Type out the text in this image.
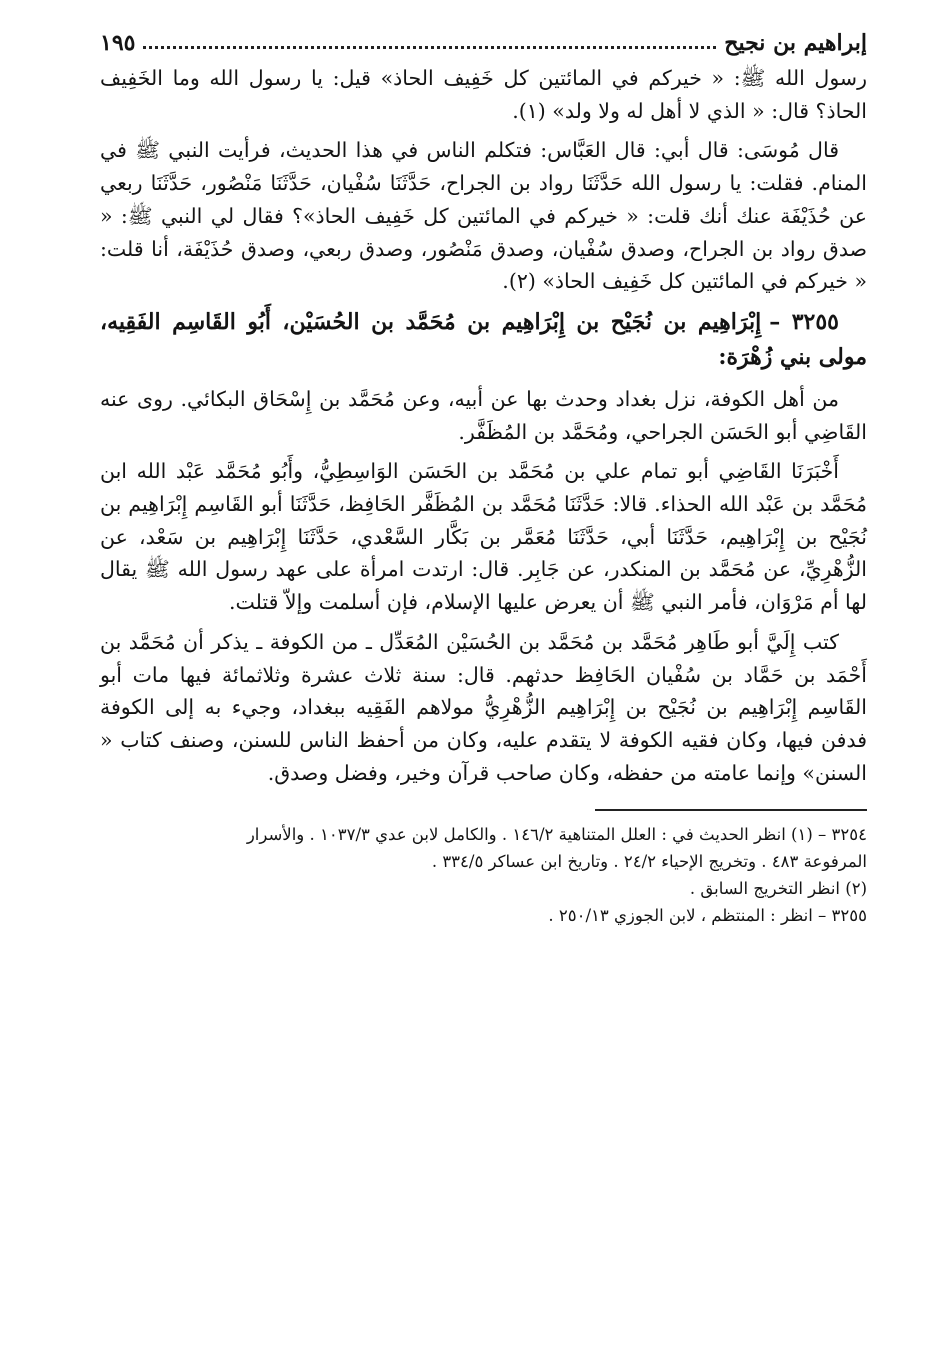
إبراهيم بن نجيح
١٩٥

رسول الله ﷺ: « خيركم في المائتين كل خَفِيف الحاذ» قيل: يا رسول الله وما الخَفِيف الحاذ؟ قال: « الذي لا أهل له ولا ولد» (١).

قال مُوسَى: قال أبي: قال العَبَّاس: فتكلم الناس في هذا الحديث، فرأيت النبي ﷺ في المنام. فقلت: يا رسول الله حَدَّثَنَا رواد بن الجراح، حَدَّثَنَا سُفْيان، حَدَّثَنَا مَنْصُور، حَدَّثَنَا ربعي عن حُذَيْفَة عنك أنك قلت: « خيركم في المائتين كل خَفِيف الحاذ»؟ فقال لي النبي ﷺ: « صدق رواد بن الجراح، وصدق سُفْيان، وصدق مَنْصُور، وصدق ربعي، وصدق حُذَيْفَة، أنا قلت: « خيركم في المائتين كل خَفِيف الحاذ» (٢).

٣٢٥٥ –إِبْرَاهِيم بن نُجَيْح بن إِبْرَاهِيم بن مُحَمَّد بن الحُسَيْن، أَبُو القَاسِم الفَقِيه، مولى بني زُهْرَة:

من أهل الكوفة، نزل بغداد وحدث بها عن أبيه، وعن مُحَمَّد بن إِسْحَاق البكائي. روى عنه القَاضِي أبو الحَسَن الجراحي، ومُحَمَّد بن المُظَفَّر.

أَخْبَرَنَا القَاضِي أبو تمام علي بن مُحَمَّد بن الحَسَن الوَاسِطِيُّ، وأَبُو مُحَمَّد عَبْد الله ابن مُحَمَّد بن عَبْد الله الحذاء. قالا: حَدَّثَنَا مُحَمَّد بن المُظَفَّر الحَافِظ، حَدَّثَنَا أبو القَاسِم إِبْرَاهِيم بن نُجَيْح بن إِبْرَاهِيم، حَدَّثَنَا أبي، حَدَّثَنَا مُعَمَّر بن بَكَّار السَّعْدي، حَدَّثَنَا إِبْرَاهِيم بن سَعْد، عن الزُّهْرِيِّ، عن مُحَمَّد بن المنكدر، عن جَابِر. قال: ارتدت امرأة على عهد رسول الله ﷺ يقال لها أم مَرْوَان، فأمر النبي ﷺ أن يعرض عليها الإسلام، فإن أسلمت وإلاّ قتلت.

كتب إِلَيَّ أبو طَاهِر مُحَمَّد بن مُحَمَّد بن الحُسَيْن المُعَدِّل ـ من الكوفة ـ يذكر أن مُحَمَّد بن أَحْمَد بن حَمَّاد بن سُفْيان الحَافِظ حدثهم. قال: سنة ثلاث عشرة وثلاثمائة فيها مات أبو القَاسِم إِبْرَاهِيم بن نُجَيْح بن إِبْرَاهِيم الزُّهْرِيُّ مولاهم الفَقِيه ببغداد، وجيء به إلى الكوفة فدفن فيها، وكان فقيه الكوفة لا يتقدم عليه، وكان من أحفظ الناس للسنن، وصنف كتاب « السنن» وإنما عامته من حفظه، وكان صاحب قرآن وخير، وفضل وصدق.

٣٢٥٤ – (١) انظر الحديث في : العلل المتناهية ١٤٦/٢ . والكامل لابن عدي ١٠٣٧/٣ . والأسرار

المرفوعة ٤٨٣ . وتخريج الإحياء ٢٤/٢ . وتاريخ ابن عساكر ٣٣٤/٥ .

(٢) انظر التخريج السابق .

٣٢٥٥ – انظر : المنتظم ، لابن الجوزي ٢٥٠/١٣ .
